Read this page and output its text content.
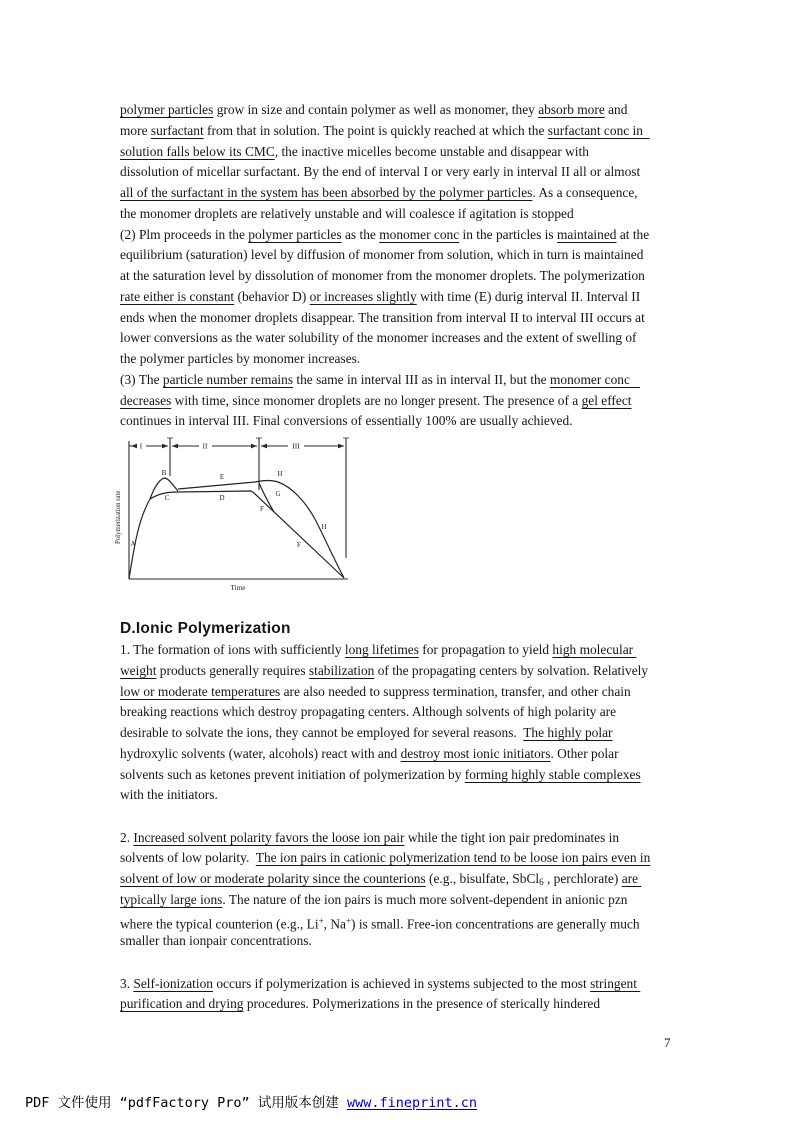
polymer particles grow in size and contain polymer as well as monomer, they absorb more and
more surfactant from that in solution. The point is quickly reached at which the surfactant conc in
solution falls below its CMC, the inactive micelles become unstable and disappear with
dissolution of micellar surfactant. By the end of interval I or very early in interval II all or almost
all of the surfactant in the system has been absorbed by the polymer particles. As a consequence,
the monomer droplets are relatively unstable and will coalesce if agitation is stopped
(2) Plm proceeds in the polymer particles as the monomer conc in the particles is maintained at the
equilibrium (saturation) level by diffusion of monomer from solution, which in turn is maintained
at the saturation level by dissolution of monomer from the monomer droplets. The polymerization
rate either is constant (behavior D) or increases slightly with time (E) durig interval II. Interval II
ends when the monomer droplets disappear. The transition from interval II to interval III occurs at
lower conversions as the water solubility of the monomer increases and the extent of swelling of
the polymer particles by monomer increases.
(3) The particle number remains the same in interval III as in interval II, but the monomer conc
decreases with time, since monomer droplets are no longer present. The presence of a gel effect
continues in interval III. Final conversions of essentially 100% are usually achieved.
I	II	III
A
B
C	D
E
F
G
H
F
H
Polymerization rate
Time
D.Ionic Polymerization
1. The formation of ions with sufficiently long lifetimes for propagation to yield high molecular
weight products generally requires stabilization of the propagating centers by solvation. Relatively
low or moderate temperatures are also needed to suppress termination, transfer, and other chain
breaking reactions which destroy propagating centers. Although solvents of high polarity are
desirable to solvate the ions, they cannot be employed for several reasons.  The highly polar
hydroxylic solvents (water, alcohols) react with and destroy most ionic initiators. Other polar
solvents such as ketones prevent initiation of polymerization by forming highly stable complexes
with the initiators.
2. Increased solvent polarity favors the loose ion pair while the tight ion pair predominates in
solvents of low polarity.  The ion pairs in cationic polymerization tend to be loose ion pairs even in
solvent of low or moderate polarity since the counterions (e.g., bisulfate, SbCl$_6$ , perchlorate) are
typically large ions. The nature of the ion pairs is much more solvent-dependent in anionic pzn
where the typical counterion (e.g., Li+, Na+) is small. Free-ion concentrations are generally much
smaller than ionpair concentrations.
3. Self-ionization occurs if polymerization is achieved in systems subjected to the most stringent
purification and drying procedures. Polymerizations in the presence of sterically hindered
7
PDF 文件使用 “pdfFactory Pro” 试用版本创建 www.fineprint.cn
